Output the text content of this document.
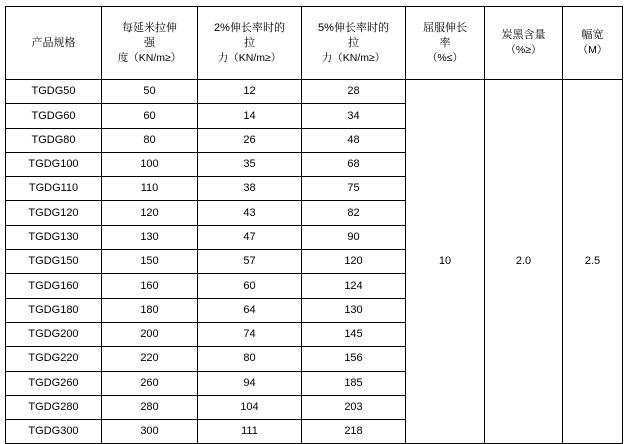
产品规格	每延米拉伸
强
度（KN/m≥）	2%伸长率时的
拉
力（KN/m≥）	5%伸长率时的
拉
力（KN/m≥）	屈服伸长
率
（%≤）	炭黑含量
（%≥）	幅宽
（M）

TGDG50	50	12	28	10	2.0	2.5
TGDG60	60	14	34			
TGDG80	80	26	48			
TGDG100	100	35	68			
TGDG110	110	38	75			
TGDG120	120	43	82			
TGDG130	130	47	90			
TGDG150	150	57	120			
TGDG160	160	60	124			
TGDG180	180	64	130			
TGDG200	200	74	145			
TGDG220	220	80	156			
TGDG260	260	94	185			
TGDG280	280	104	203			
TGDG300	300	111	218			
